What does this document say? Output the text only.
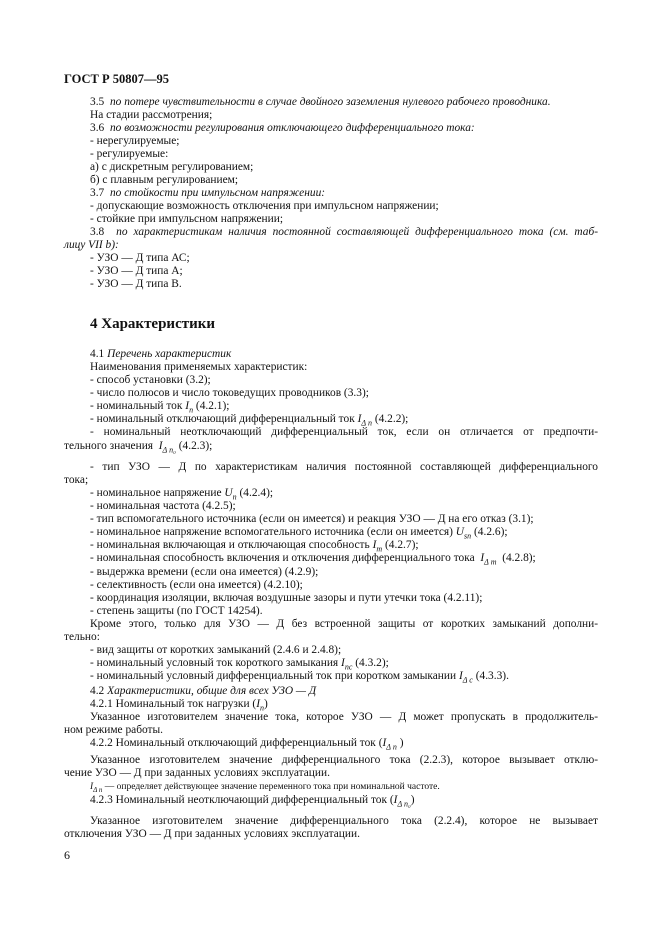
ГОСТ Р 50807—95
3.5 по потере чувствительности в случае двойного заземления нулевого рабочего проводника.
На стадии рассмотрения;
3.6 по возможности регулирования отключающего дифференциального тока:
- нерегулируемые;
- регулируемые:
а) с дискретным регулированием;
б) с плавным регулированием;
3.7 по стойкости при импульсном напряжении:
- допускающие возможность отключения при импульсном напряжении;
- стойкие при импульсном напряжении;
3.8 по характеристикам наличия постоянной составляющей дифференциального тока (см. таб-
лицу VII b):
- УЗО — Д типа АС;
- УЗО — Д типа А;
- УЗО — Д типа В.
4 Характеристики
4.1 Перечень характеристик
Наименования применяемых характеристик:
- способ установки (3.2);
- число полюсов и число токоведущих проводников (3.3);
- номинальный ток $I_n$ (4.2.1);
- номинальный отключающий дифференциальный ток $I_{\Delta n}$ (4.2.2);
- номинальный неотключающий дифференциальный ток, если он отличается от предпочти-
тельного значения $I_{\Delta n_0}$ (4.2.3);
- тип УЗО — Д по характеристикам наличия постоянной составляющей дифференциального
тока;
- номинальное напряжение $U_n$ (4.2.4);
- номинальная частота (4.2.5);
- тип вспомогательного источника (если он имеется) и реакция УЗО — Д на его отказ (3.1);
- номинальное напряжение вспомогательного источника (если он имеется) $U_{sn}$ (4.2.6);
- номинальная включающая и отключающая способность $I_m$ (4.2.7);
- номинальная способность включения и отключения дифференциального тока $I_{\Delta m}$ (4.2.8);
- выдержка времени (если она имеется) (4.2.9);
- селективность (если она имеется) (4.2.10);
- координация изоляции, включая воздушные зазоры и пути утечки тока (4.2.11);
- степень защиты (по ГОСТ 14254).
Кроме этого, только для УЗО — Д без встроенной защиты от коротких замыканий дополни-
тельно:
- вид защиты от коротких замыканий (2.4.6 и 2.4.8);
- номинальный условный ток короткого замыкания $I_{nc}$ (4.3.2);
- номинальный условный дифференциальный ток при коротком замыкании $I_{\Delta c}$ (4.3.3).
4.2 Характеристики, общие для всех УЗО — Д
4.2.1 Номинальный ток нагрузки $(I_n)$
Указанное изготовителем значение тока, которое УЗО — Д может пропускать в продолжитель-
ном режиме работы.
4.2.2 Номинальный отключающий дифференциальный ток ($I_{\Delta n}$ )
Указанное изготовителем значение дифференциального тока (2.2.3), которое вызывает отклю-
чение УЗО — Д при заданных условиях эксплуатации.
$I_{\Delta n}$ — определяет действующее значение переменного тока при номинальной частоте.
4.2.3 Номинальный неотключающий дифференциальный ток $(I_{\Delta n_0})$
Указанное изготовителем значение дифференциального тока (2.2.4), которое не вызывает
отключения УЗО — Д при заданных условиях эксплуатации.
6
